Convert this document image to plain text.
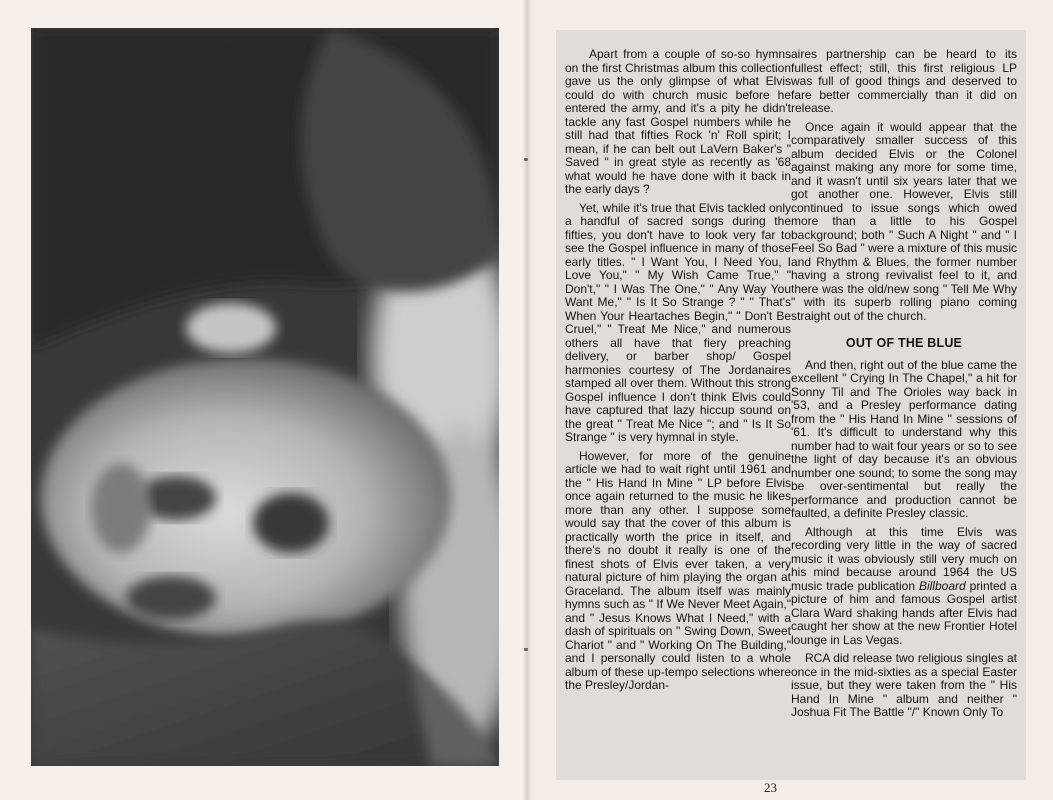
Apart from a couple of so-so hymns on the first Christmas album this collection gave us the only glimpse of what Elvis could do with church music before he entered the army, and it's a pity he didn't tackle any fast Gospel numbers while he still had that fifties Rock 'n' Roll spirit; I mean, if he can belt out LaVern Baker's " Saved " in great style as recently as '68 what would he have done with it back in the early days ?

Yet, while it's true that Elvis tackled only a handful of sacred songs during the fifties, you don't have to look very far to see the Gospel influence in many of those early titles. " I Want You, I Need You, I Love You," " My Wish Came True," " Don't," " I Was The One," " Any Way You Want Me," " Is It So Strange ? " " That's When Your Heartaches Begin," " Don't Be Cruel," " Treat Me Nice," and numerous others all have that fiery preaching delivery, or barber shop/ Gospel harmonies courtesy of The Jordanaires stamped all over them. Without this strong Gospel influence I don't think Elvis could have captured that lazy hiccup sound on the great " Treat Me Nice "; and " Is It So Strange " is very hymnal in style.

However, for more of the genuine article we had to wait right until 1961 and the " His Hand In Mine " LP before Elvis once again returned to the music he likes more than any other. I suppose some would say that the cover of this album is practically worth the price in itself, and there's no doubt it really is one of the finest shots of Elvis ever taken, a very natural picture of him playing the organ at Graceland. The album itself was mainly hymns such as " If We Never Meet Again," and " Jesus Knows What I Need," with a dash of spirituals on " Swing Down, Sweet Chariot " and " Working On The Building," and I personally could listen to a whole album of these up-tempo selections where the Presley/Jordan-

aires partnership can be heard to its fullest effect; still, this first religious LP was full of good things and deserved to fare better commercially than it did on release.

Once again it would appear that the comparatively smaller success of this album decided Elvis or the Colonel against making any more for some time, and it wasn't until six years later that we got another one. However, Elvis still continued to issue songs which owed more than a little to his Gospel background; both " Such A Night " and " I Feel So Bad " were a mixture of this music and Rhythm & Blues, the former number having a strong revivalist feel to it, and there was the old/new song " Tell Me Why " with its superb rolling piano coming straight out of the church.

OUT OF THE BLUE

And then, right out of the blue came the excellent " Crying In The Chapel," a hit for Sonny Til and The Orioles way back in '53, and a Presley performance dating from the " His Hand In Mine " sessions of '61. It's difficult to understand why this number had to wait four years or so to see the light of day because it's an obvious number one sound; to some the song may be over-sentimental but really the performance and production cannot be faulted, a definite Presley classic.

Although at this time Elvis was recording very little in the way of sacred music it was obviously still very much on his mind because around 1964 the US music trade publication Billboard printed a picture of him and famous Gospel artist Clara Ward shaking hands after Elvis had caught her show at the new Frontier Hotel lounge in Las Vegas.

RCA did release two religious singles at once in the mid-sixties as a special Easter issue, but they were taken from the " His Hand In Mine " album and neither " Joshua Fit The Battle "/" Known Only To

23
